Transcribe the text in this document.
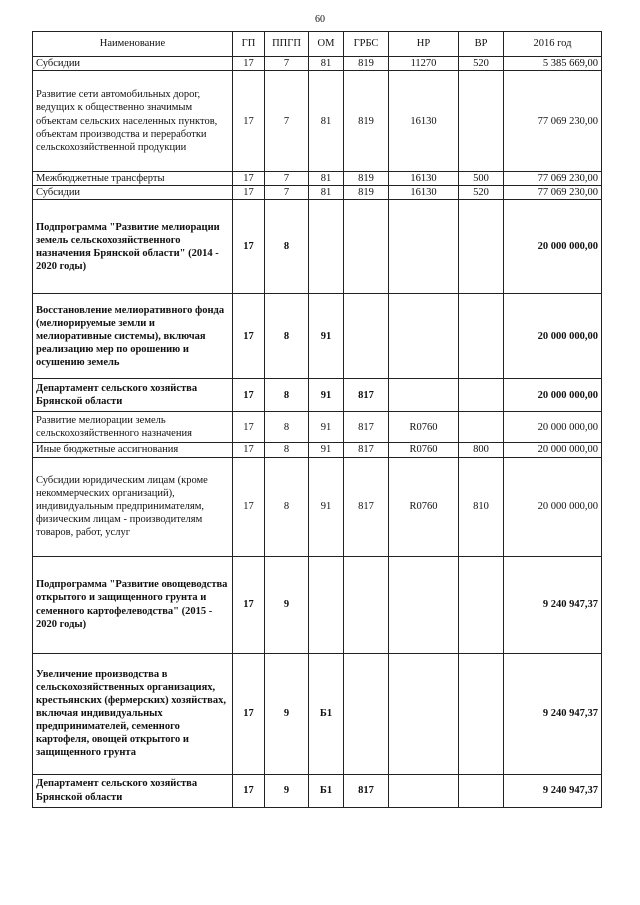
60
Наименование	ГП	ППГП	ОМ	ГРБС	НР	ВР	2016 год
Субсидии	17	7	81	819	11270	520	5 385 669,00
Развитие сети автомобильных дорог, ведущих к общественно значимым объектам сельских населенных пунктов, объектам производства и переработки сельскохозяйственной продукции	17	7	81	819	16130		77 069 230,00
Межбюджетные трансферты	17	7	81	819	16130	500	77 069 230,00
Субсидии	17	7	81	819	16130	520	77 069 230,00
Подпрограмма "Развитие мелиорации земель сельскохозяйственного назначения Брянской области" (2014 - 2020 годы)	17	8					20 000 000,00
Восстановление мелиоративного фонда (мелиорируемые земли и мелиоративные системы), включая реализацию мер по орошению и осушению земель	17	8	91				20 000 000,00
Департамент сельского хозяйства Брянской области	17	8	91	817			20 000 000,00
Развитие мелиорации земель сельскохозяйственного назначения	17	8	91	817	R0760		20 000 000,00
Иные бюджетные ассигнования	17	8	91	817	R0760	800	20 000 000,00
Субсидии юридическим лицам (кроме некоммерческих организаций), индивидуальным предпринимателям, физическим лицам - производителям товаров, работ, услуг	17	8	91	817	R0760	810	20 000 000,00
Подпрограмма "Развитие овощеводства открытого и защищенного грунта и семенного картофелеводства" (2015 - 2020 годы)	17	9					9 240 947,37
Увеличение производства в сельскохозяйственных организациях, крестьянских (фермерских) хозяйствах, включая индивидуальных предпринимателей, семенного картофеля, овощей открытого и защищенного грунта	17	9	Б1				9 240 947,37
Департамент сельского хозяйства Брянской области	17	9	Б1	817			9 240 947,37
